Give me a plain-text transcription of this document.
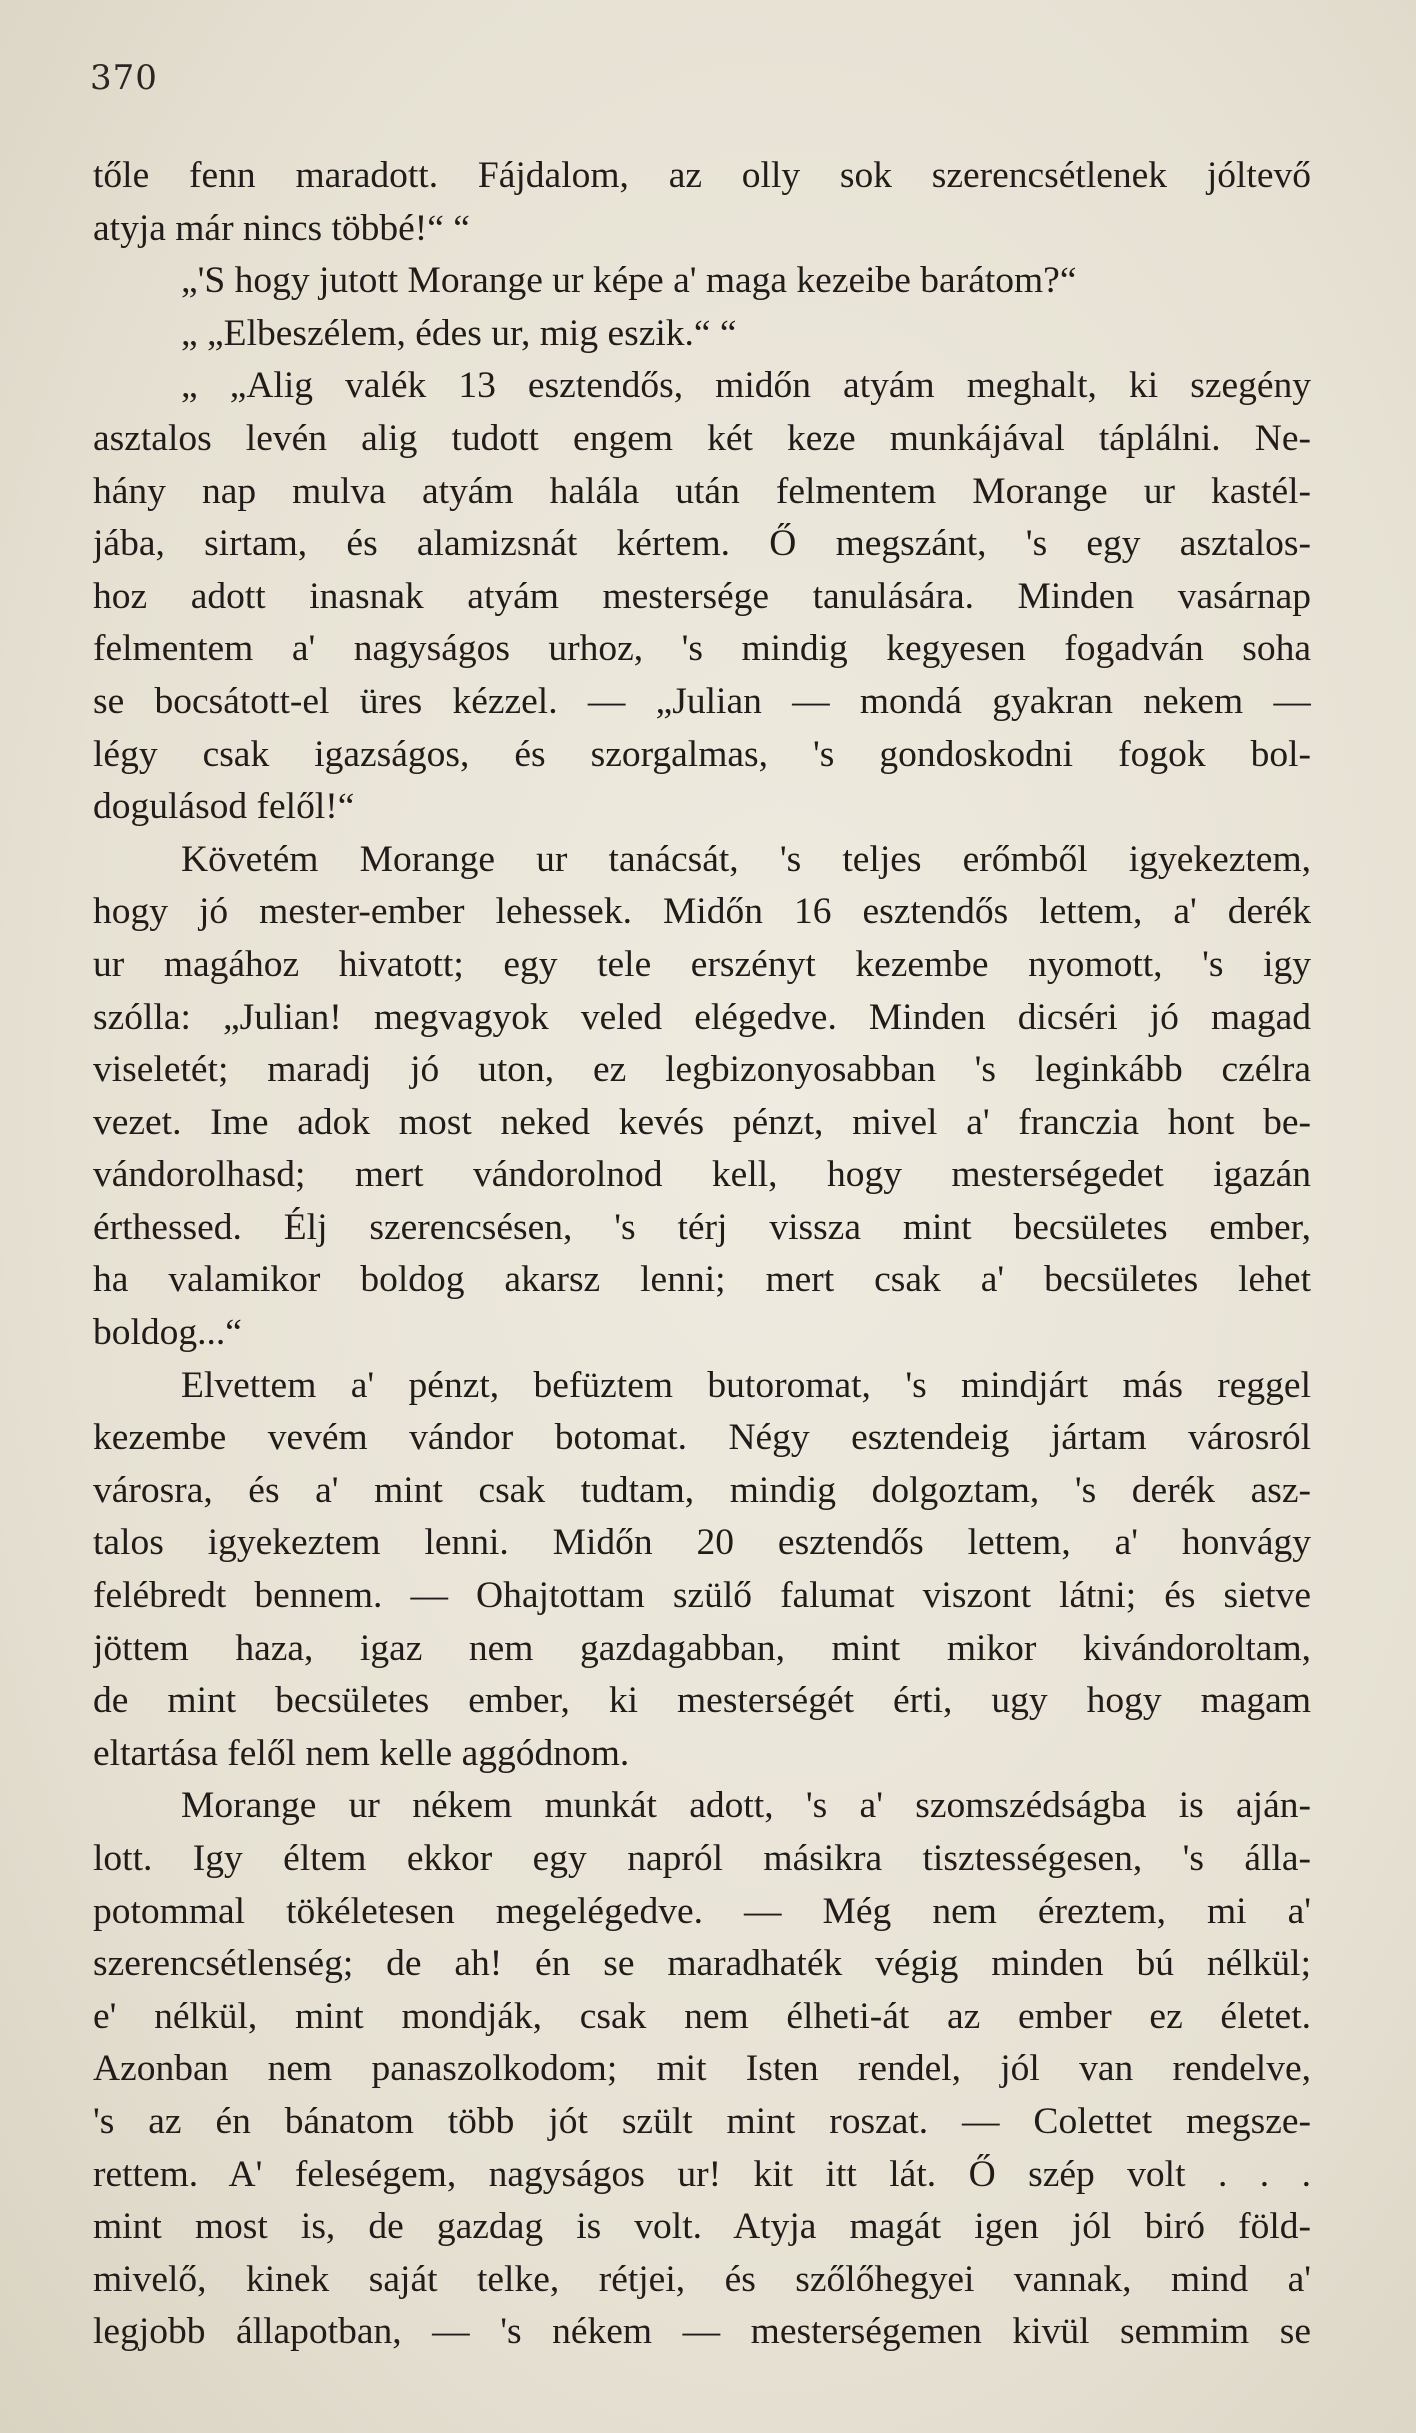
370
tőle fenn maradott. Fájdalom, az olly sok szerencsétlenek jóltevő
atyja már nincs többé!“ “
„'S hogy jutott Morange ur képe a' maga kezeibe barátom?“
„ „Elbeszélem, édes ur, mig eszik.“ “
„ „Alig valék 13 esztendős, midőn atyám meghalt, ki szegény
asztalos levén alig tudott engem két keze munkájával táplálni. Ne-
hány nap mulva atyám halála után felmentem Morange ur kastél-
jába, sirtam, és alamizsnát kértem. Ő megszánt, 's egy asztalos-
hoz adott inasnak atyám mestersége tanulására. Minden vasárnap
felmentem a' nagyságos urhoz, 's mindig kegyesen fogadván soha
se bocsátott-el üres kézzel. — „Julian — mondá gyakran nekem —
légy csak igazságos, és szorgalmas, 's gondoskodni fogok bol-
dogulásod felől!“
Követém Morange ur tanácsát, 's teljes erőmből igyekeztem,
hogy jó mester-ember lehessek. Midőn 16 esztendős lettem, a' derék
ur magához hivatott; egy tele erszényt kezembe nyomott, 's igy
szólla: „Julian! megvagyok veled elégedve. Minden dicséri jó magad
viseletét; maradj jó uton, ez legbizonyosabban 's leginkább czélra
vezet. Ime adok most neked kevés pénzt, mivel a' franczia hont be-
vándorolhasd; mert vándorolnod kell, hogy mesterségedet igazán
érthessed. Élj szerencsésen, 's térj vissza mint becsületes ember,
ha valamikor boldog akarsz lenni; mert csak a' becsületes lehet
boldog...“
Elvettem a' pénzt, befüztem butoromat, 's mindjárt más reggel
kezembe vevém vándor botomat. Négy esztendeig jártam városról
városra, és a' mint csak tudtam, mindig dolgoztam, 's derék asz-
talos igyekeztem lenni. Midőn 20 esztendős lettem, a' honvágy
felébredt bennem. — Ohajtottam szülő falumat viszont látni; és sietve
jöttem haza, igaz nem gazdagabban, mint mikor kivándoroltam,
de mint becsületes ember, ki mesterségét érti, ugy hogy magam
eltartása felől nem kelle aggódnom.
Morange ur nékem munkát adott, 's a' szomszédságba is aján-
lott. Igy éltem ekkor egy napról másikra tisztességesen, 's álla-
potommal tökéletesen megelégedve. — Még nem éreztem, mi a'
szerencsétlenség; de ah! én se maradhaték végig minden bú nélkül;
e' nélkül, mint mondják, csak nem élheti-át az ember ez életet.
Azonban nem panaszolkodom; mit Isten rendel, jól van rendelve,
's az én bánatom több jót szült mint roszat. — Colettet megsze-
rettem. A' feleségem, nagyságos ur! kit itt lát. Ő szép volt . . .
mint most is, de gazdag is volt. Atyja magát igen jól biró föld-
mivelő, kinek saját telke, rétjei, és szőlőhegyei vannak, mind a'
legjobb állapotban, — 's nékem — mesterségemen kivül semmim se
